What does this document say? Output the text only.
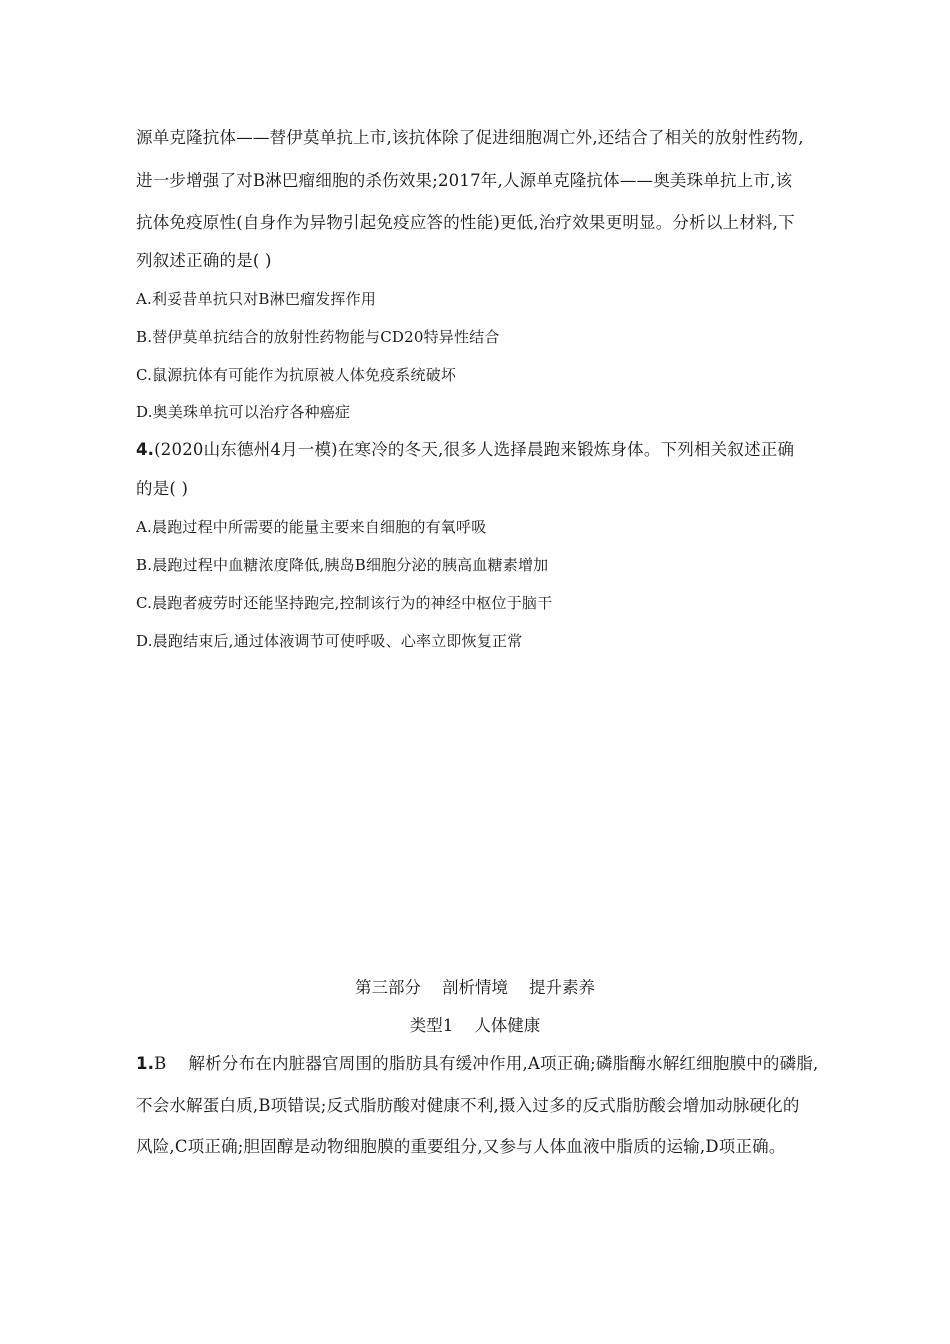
源单克隆抗体——替伊莫单抗上市,该抗体除了促进细胞凋亡外,还结合了相关的放射性药物,
进一步增强了对B淋巴瘤细胞的杀伤效果;2017年,人源单克隆抗体——奥美珠单抗上市,该
抗体免疫原性(自身作为异物引起免疫应答的性能)更低,治疗效果更明显。分析以上材料,下
列叙述正确的是( )
A.利妥昔单抗只对B淋巴瘤发挥作用
B.替伊莫单抗结合的放射性药物能与CD20特异性结合
C.鼠源抗体有可能作为抗原被人体免疫系统破坏
D.奥美珠单抗可以治疗各种癌症
4.(2020山东德州4月一模)在寒冷的冬天,很多人选择晨跑来锻炼身体。下列相关叙述正确
的是( )
A.晨跑过程中所需要的能量主要来自细胞的有氧呼吸
B.晨跑过程中血糖浓度降低,胰岛B细胞分泌的胰高血糖素增加
C.晨跑者疲劳时还能坚持跑完,控制该行为的神经中枢位于脑干
D.晨跑结束后,通过体液调节可使呼吸、心率立即恢复正常
第三部分    剖析情境    提升素养
类型1    人体健康
1.B 解析分布在内脏器官周围的脂肪具有缓冲作用,A项正确;磷脂酶水解红细胞膜中的磷脂,
不会水解蛋白质,B项错误;反式脂肪酸对健康不利,摄入过多的反式脂肪酸会增加动脉硬化的
风险,C项正确;胆固醇是动物细胞膜的重要组分,又参与人体血液中脂质的运输,D项正确。
